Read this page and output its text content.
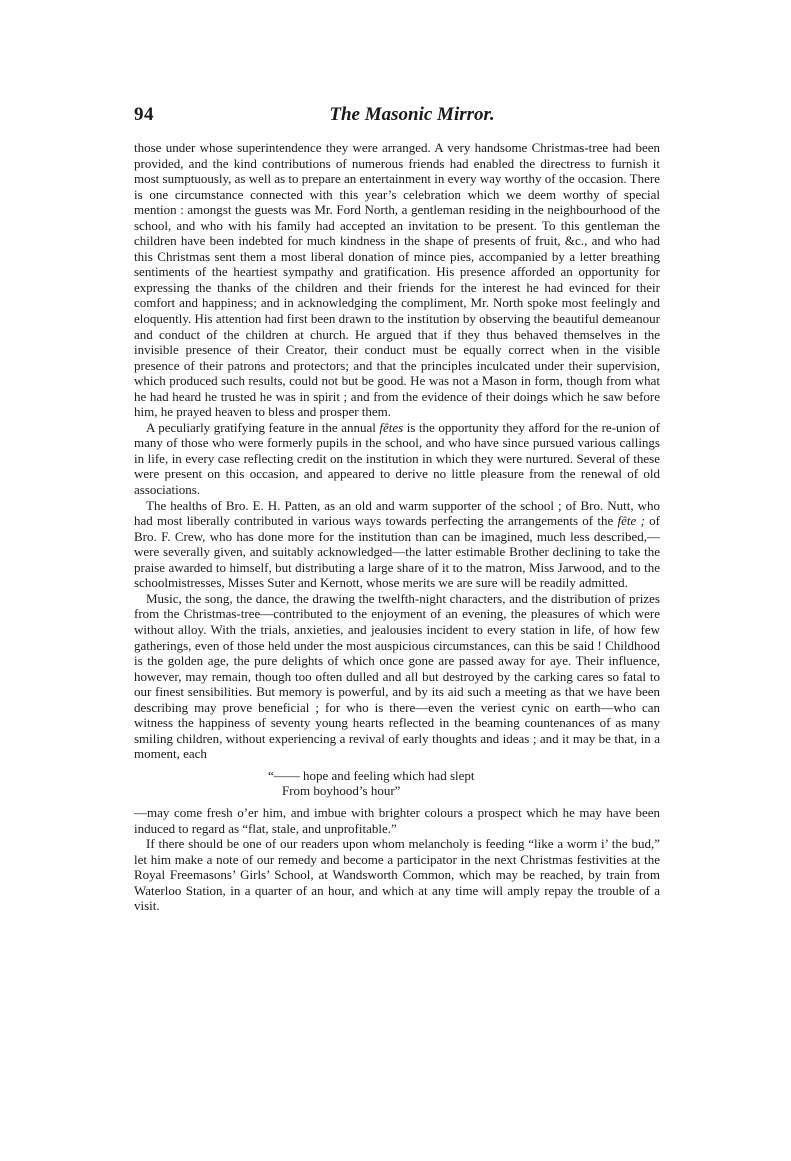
94	The Masonic Mirror.

those under whose superintendence they were arranged. A very handsome Christmas-tree had been provided, and the kind contributions of numerous friends had enabled the directress to furnish it most sumptuously, as well as to prepare an entertainment in every way worthy of the occasion. There is one circumstance connected with this year’s celebration which we deem worthy of special mention : amongst the guests was Mr. Ford North, a gentleman residing in the neighbourhood of the school, and who with his family had accepted an invitation to be present. To this gentleman the children have been indebted for much kindness in the shape of presents of fruit, &c., and who had this Christmas sent them a most liberal donation of mince pies, accompanied by a letter breathing sentiments of the heartiest sympathy and gratification. His presence afforded an opportunity for expressing the thanks of the children and their friends for the interest he had evinced for their comfort and happiness; and in acknowledging the compliment, Mr. North spoke most feelingly and eloquently. His attention had first been drawn to the institution by observing the beautiful demeanour and conduct of the children at church. He argued that if they thus behaved themselves in the invisible presence of their Creator, their conduct must be equally correct when in the visible presence of their patrons and protectors; and that the principles inculcated under their supervision, which produced such results, could not but be good. He was not a Mason in form, though from what he had heard he trusted he was in spirit ; and from the evidence of their doings which he saw before him, he prayed heaven to bless and prosper them.

A peculiarly gratifying feature in the annual fêtes is the opportunity they afford for the re-union of many of those who were formerly pupils in the school, and who have since pursued various callings in life, in every case reflecting credit on the institution in which they were nurtured. Several of these were present on this occasion, and appeared to derive no little pleasure from the renewal of old associations.

The healths of Bro. E. H. Patten, as an old and warm supporter of the school ; of Bro. Nutt, who had most liberally contributed in various ways towards perfecting the arrangements of the fête ; of Bro. F. Crew, who has done more for the institution than can be imagined, much less described,—were severally given, and suitably acknowledged—the latter estimable Brother declining to take the praise awarded to himself, but distributing a large share of it to the matron, Miss Jarwood, and to the schoolmistresses, Misses Suter and Kernott, whose merits we are sure will be readily admitted.

Music, the song, the dance, the drawing the twelfth-night characters, and the distribution of prizes from the Christmas-tree—contributed to the enjoyment of an evening, the pleasures of which were without alloy. With the trials, anxieties, and jealousies incident to every station in life, of how few gatherings, even of those held under the most auspicious circumstances, can this be said ! Childhood is the golden age, the pure delights of which once gone are passed away for aye. Their influence, however, may remain, though too often dulled and all but destroyed by the carking cares so fatal to our finest sensibilities. But memory is powerful, and by its aid such a meeting as that we have been describing may prove beneficial ; for who is there—even the veriest cynic on earth—who can witness the happiness of seventy young hearts reflected in the beaming countenances of as many smiling children, without experiencing a revival of early thoughts and ideas ; and it may be that, in a moment, each

“—— hope and feeling which had slept
From boyhood’s hour”

—may come fresh o’er him, and imbue with brighter colours a prospect which he may have been induced to regard as “flat, stale, and unprofitable.”

If there should be one of our readers upon whom melancholy is feeding “like a worm i’ the bud,” let him make a note of our remedy and become a participator in the next Christmas festivities at the Royal Freemasons’ Girls’ School, at Wandsworth Common, which may be reached, by train from Waterloo Station, in a quarter of an hour, and which at any time will amply repay the trouble of a visit.
